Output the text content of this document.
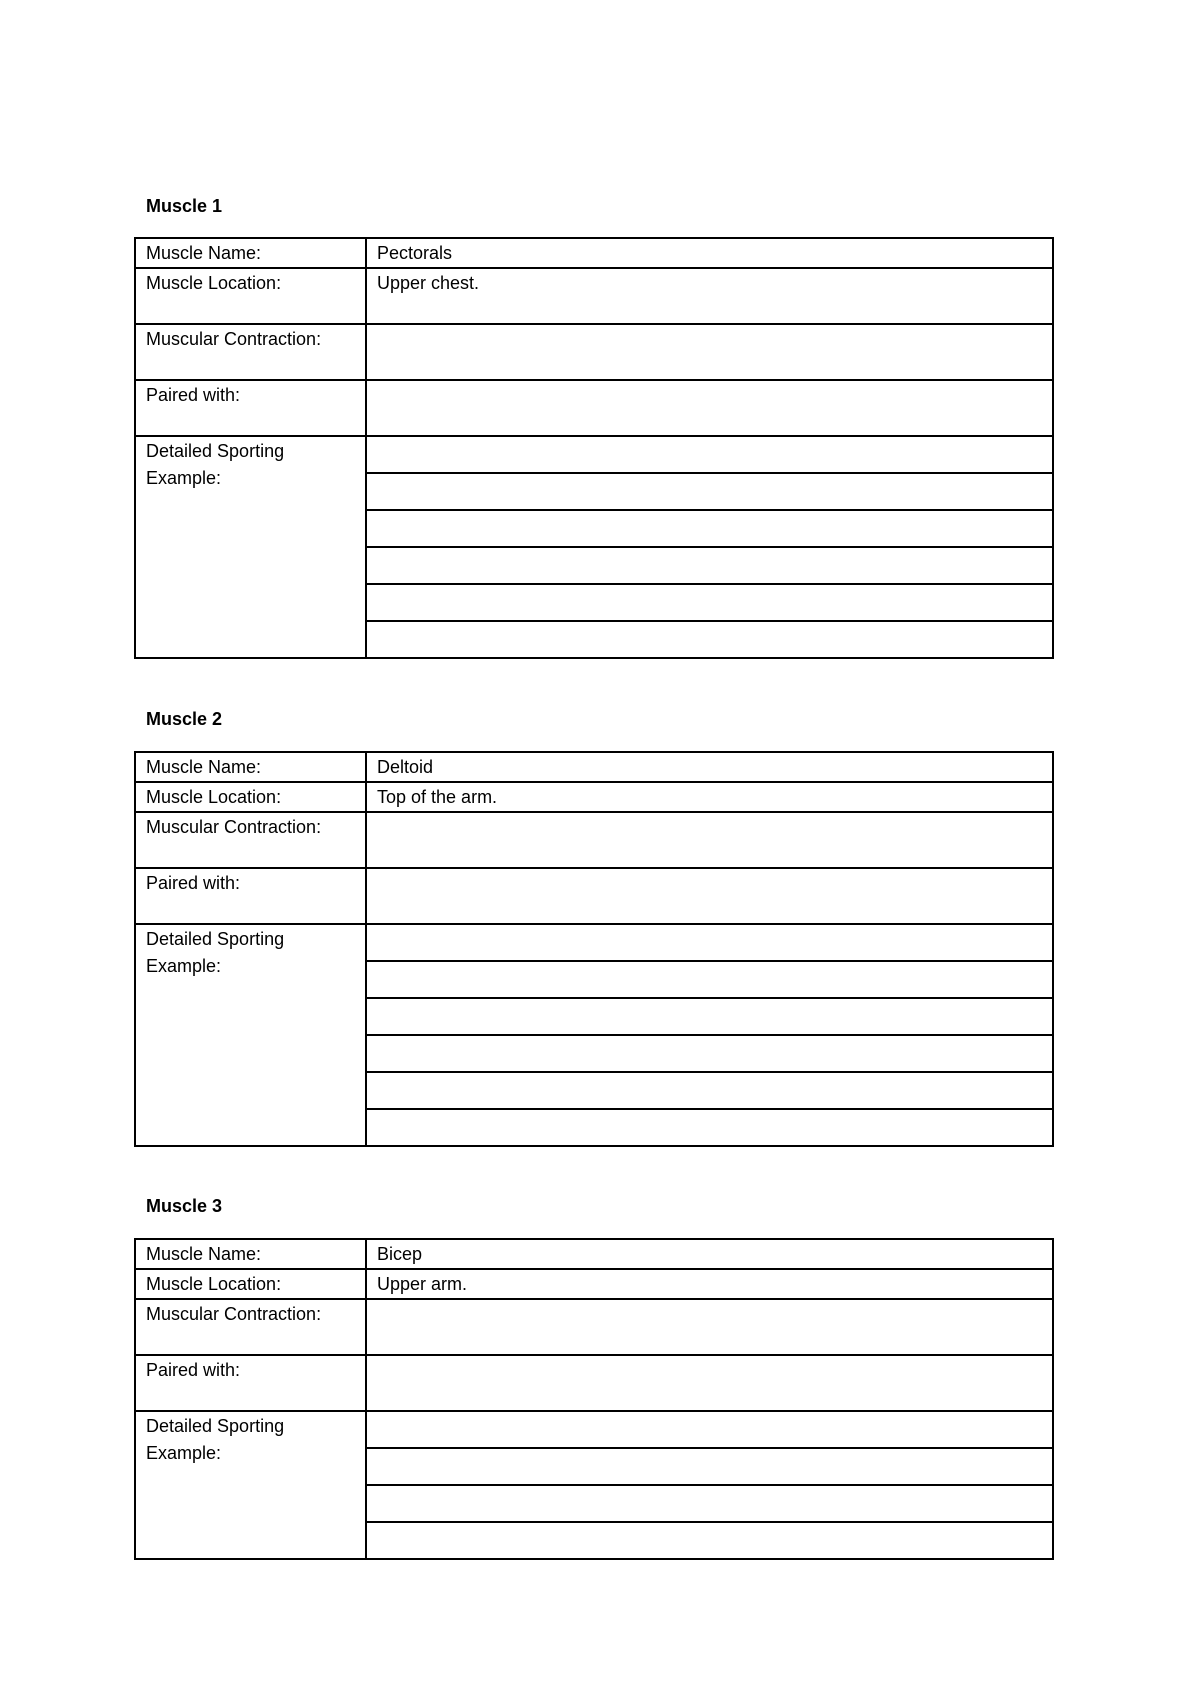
Muscle 1
Muscle Name:	Pectorals
Muscle Location:	Upper chest.
Muscular Contraction:	
Paired with:	
Detailed Sporting Example:	

Muscle 2
Muscle Name:	Deltoid
Muscle Location:	Top of the arm.
Muscular Contraction:	
Paired with:	
Detailed Sporting Example:	

Muscle 3
Muscle Name:	Bicep
Muscle Location:	Upper arm.
Muscular Contraction:	
Paired with:	
Detailed Sporting Example:	
